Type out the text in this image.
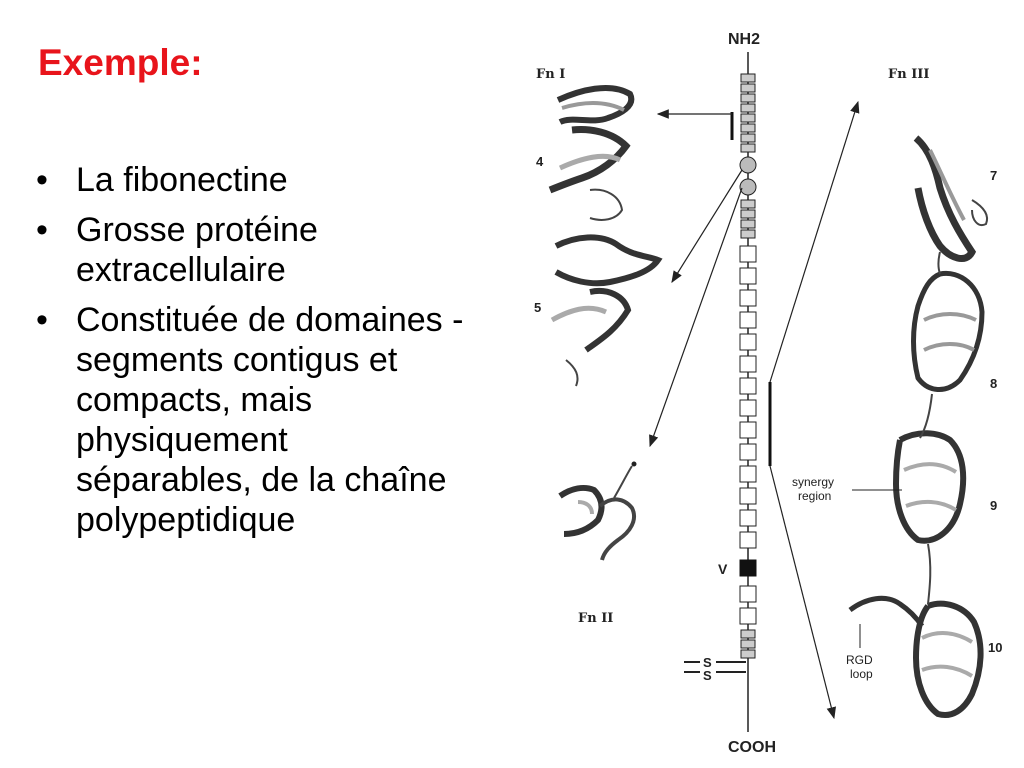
Exemple:
• La fibonectine
• Grosse protéine extracellulaire
• Constituée de domaines - segments contigus et compacts, mais physiquement séparables, de la chaîne polypeptidique
NH2
COOH
V
S
S
Fn I
Fn II
Fn III
4
5
7
8
9
10
synergy
region
RGD
loop
